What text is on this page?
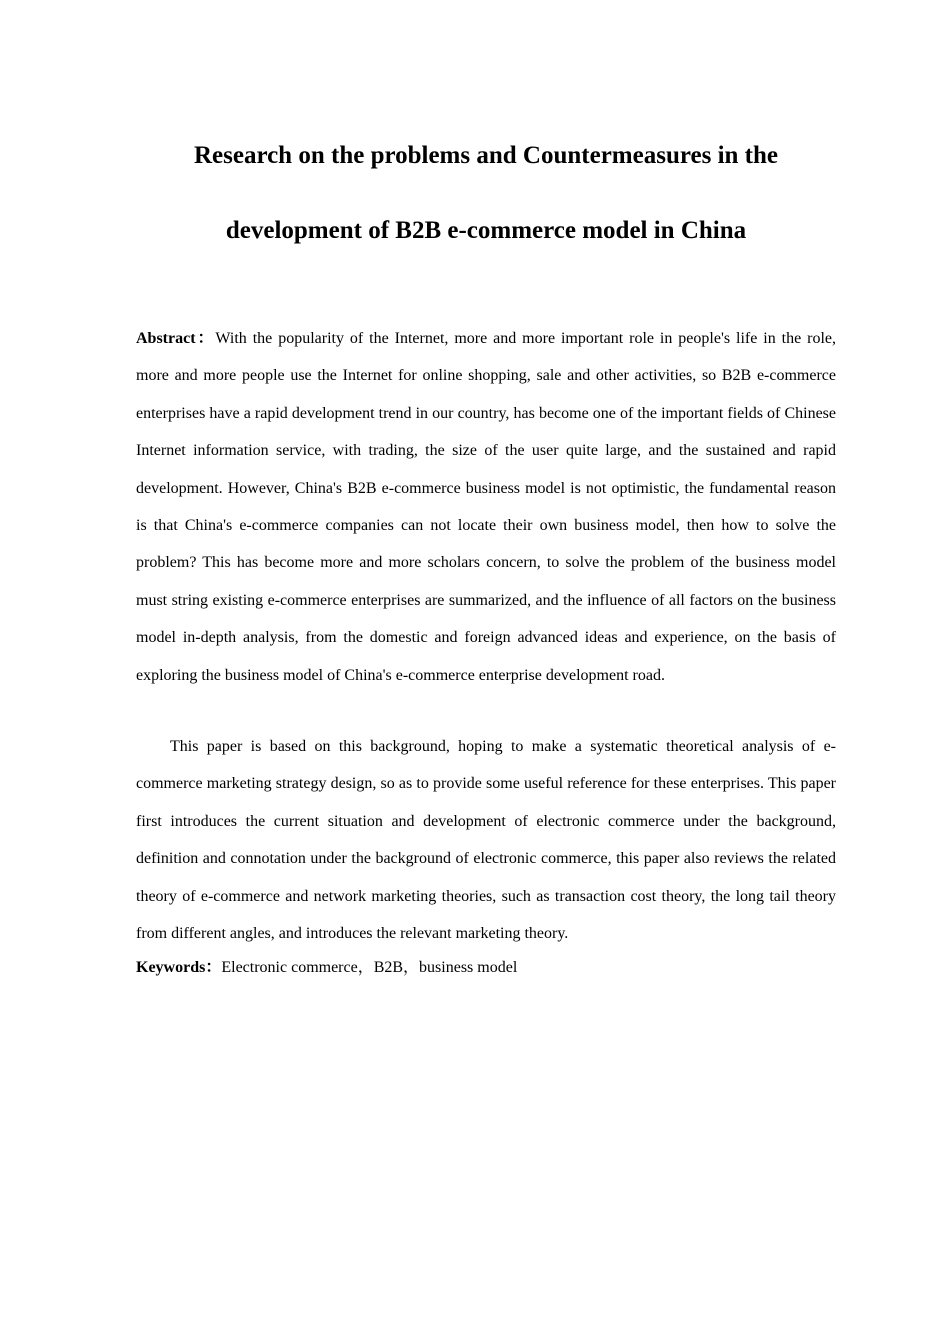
Research on the problems and Countermeasures in the
development of B2B e-commerce model in China

Abstract：With the popularity of the Internet, more and more important role in people's life in the role, more and more people use the Internet for online shopping, sale and other activities, so B2B e-commerce enterprises have a rapid development trend in our country, has become one of the important fields of Chinese Internet information service, with trading, the size of the user quite large, and the sustained and rapid development. However, China's B2B e-commerce business model is not optimistic, the fundamental reason is that China's e-commerce companies can not locate their own business model, then how to solve the problem? This has become more and more scholars concern, to solve the problem of the business model must string existing e-commerce enterprises are summarized, and the influence of all factors on the business model in-depth analysis, from the domestic and foreign advanced ideas and experience, on the basis of exploring the business model of China's e-commerce enterprise development road.

This paper is based on this background, hoping to make a systematic theoretical analysis of e-commerce marketing strategy design, so as to provide some useful reference for these enterprises. This paper first introduces the current situation and development of electronic commerce under the background, definition and connotation under the background of electronic commerce, this paper also reviews the related theory of e-commerce and network marketing theories, such as transaction cost theory, the long tail theory from different angles, and introduces the relevant marketing theory.

Keywords：Electronic commerce，B2B，business model
